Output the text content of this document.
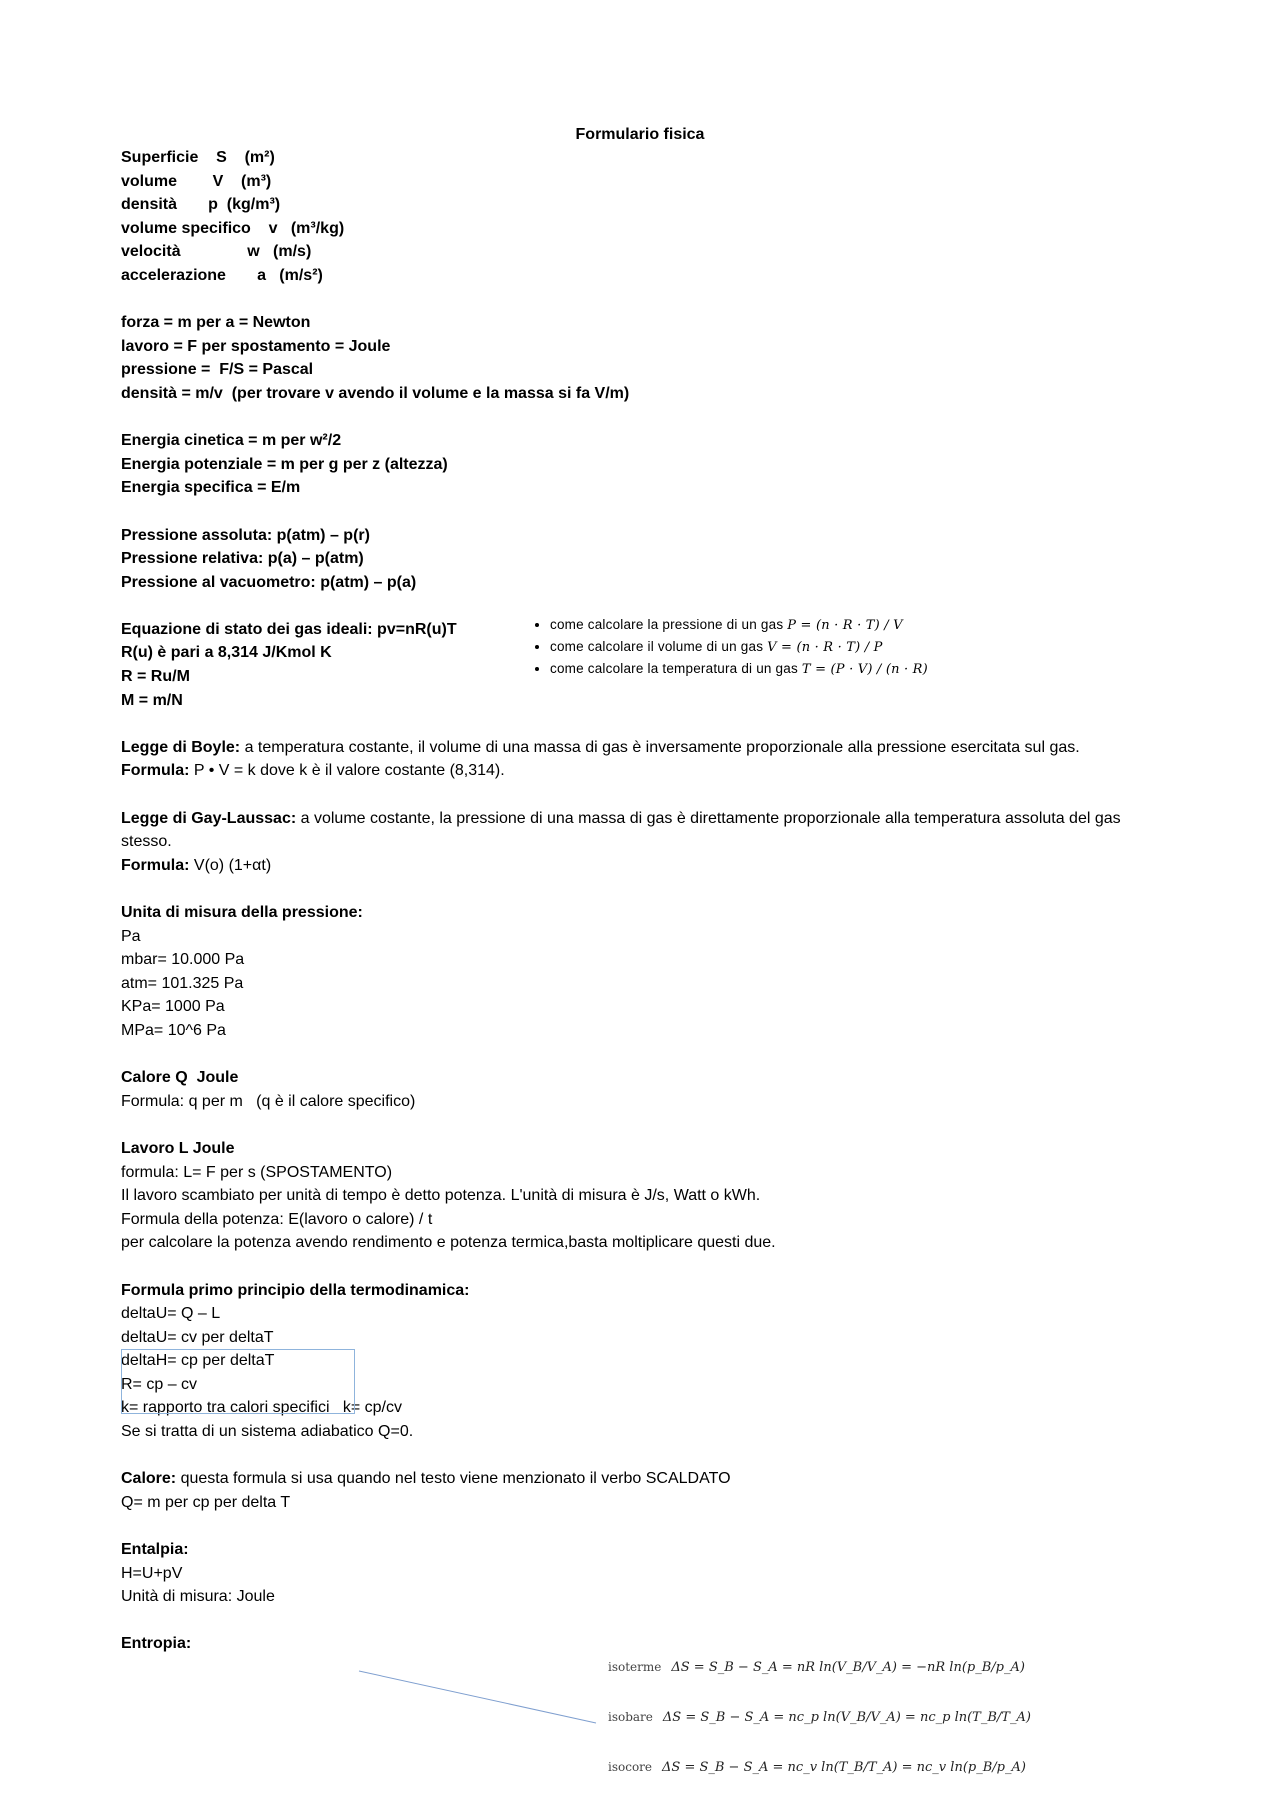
Formulario fisica
Superficie    S    (m²)
volume        V    (m³)
densità       p  (kg/m³)
volume specifico    v   (m³/kg)
velocità               w   (m/s)
accelerazione       a   (m/s²)
forza = m per a = Newton
lavoro = F per spostamento = Joule
pressione =  F/S = Pascal
densità = m/v  (per trovare v avendo il volume e la massa si fa V/m)
Energia cinetica = m per w²/2
Energia potenziale = m per g per z (altezza)
Energia specifica = E/m
Pressione assoluta: p(atm) – p(r)
Pressione relativa: p(a) – p(atm)
Pressione al vacuometro: p(atm) – p(a)
Equazione di stato dei gas ideali: pv=nR(u)T
R(u) è pari a 8,314 J/Kmol K
R = Ru/M
M = m/N
Legge di Boyle: a temperatura costante, il volume di una massa di gas è inversamente proporzionale alla pressione esercitata sul gas.
Formula: P • V = k dove k è il valore costante (8,314).
Legge di Gay-Laussac: a volume costante, la pressione di una massa di gas è direttamente proporzionale alla temperatura assoluta del gas stesso.
Formula: V(o) (1+αt)
Unita di misura della pressione:
Pa
mbar= 10.000 Pa
atm= 101.325 Pa
KPa= 1000 Pa
MPa= 10^6 Pa
Calore Q  Joule
Formula: q per m   (q è il calore specifico)
Lavoro L Joule
formula: L= F per s (SPOSTAMENTO)
Il lavoro scambiato per unità di tempo è detto potenza. L'unità di misura è J/s, Watt o kWh.
Formula della potenza: E(lavoro o calore) / t
per calcolare la potenza avendo rendimento e potenza termica,basta moltiplicare questi due.
Formula primo principio della termodinamica:
deltaU= Q – L
deltaU= cv per deltaT
deltaH= cp per deltaT
R= cp – cv
k= rapporto tra calori specifici   k= cp/cv
Se si tratta di un sistema adiabatico Q=0.
Calore: questa formula si usa quando nel testo viene menzionato il verbo SCALDATO
Q= m per cp per delta T
Entalpia:
H=U+pV
Unità di misura: Joule
Entropia:
• come calcolare la pressione di un gas P = (n · R · T) / V
• come calcolare il volume di un gas V = (n · R · T) / P
• come calcolare la temperatura di un gas T = (P · V) / (n · R)
isoterme ΔS = S_B − S_A = nR ln(V_B/V_A) = −nR ln(p_B/p_A)
isobare ΔS = S_B − S_A = nc_p ln(V_B/V_A) = nc_p ln(T_B/T_A)
isocore ΔS = S_B − S_A = nc_v ln(T_B/T_A) = nc_v ln(p_B/p_A)
